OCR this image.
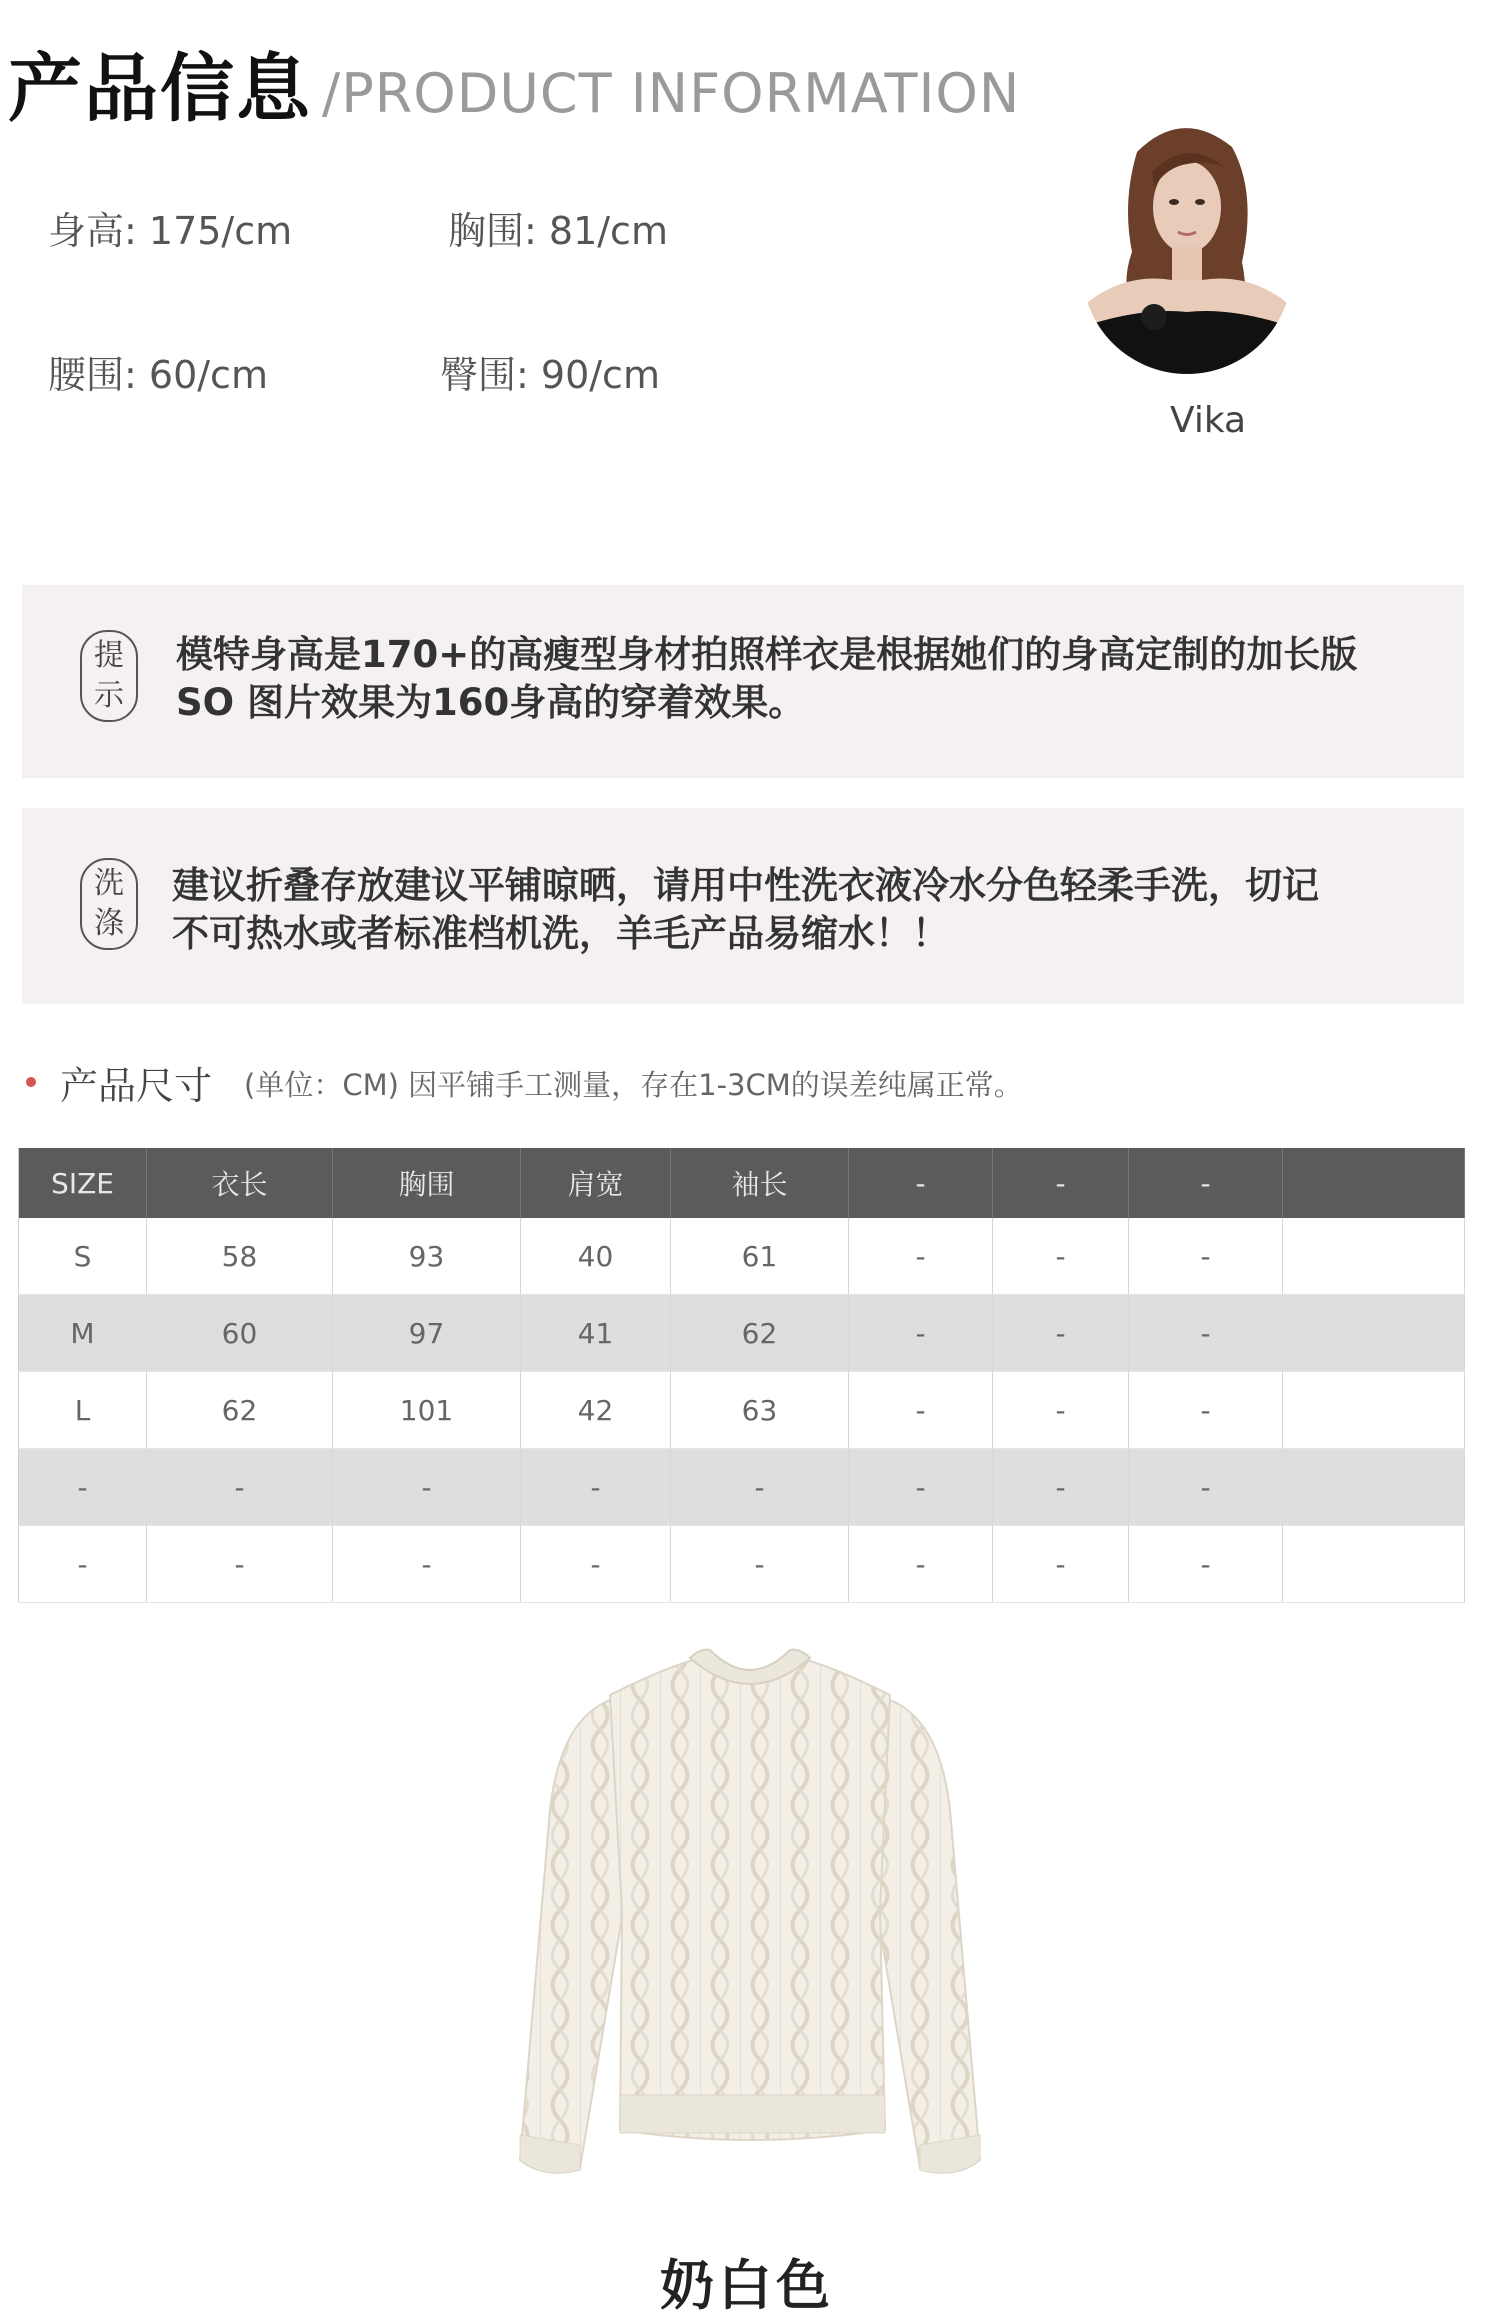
产品信息 /PRODUCT INFORMATION
身高: 175/cm	胸围: 81/cm
腰围: 60/cm	臀围: 90/cm
Vika
提
示
模特身高是170+的高瘦型身材拍照样衣是根据她们的身高定制的加长版
SO 图片效果为160身高的穿着效果。
洗
涤
建议折叠存放建议平铺晾晒，请用中性洗衣液冷水分色轻柔手洗，切记
不可热水或者标准档机洗，羊毛产品易缩水！！
产品尺寸 (单位：CM) 因平铺手工测量，存在1-3CM的误差纯属正常。
SIZE	衣长	胸围	肩宽	袖长	-	-	-	
S	58	93	40	61	-	-	-	
M	60	97	41	62	-	-	-	
L	62	101	42	63	-	-	-	
-	-	-	-	-	-	-	-	
-	-	-	-	-	-	-	-	
奶白色
